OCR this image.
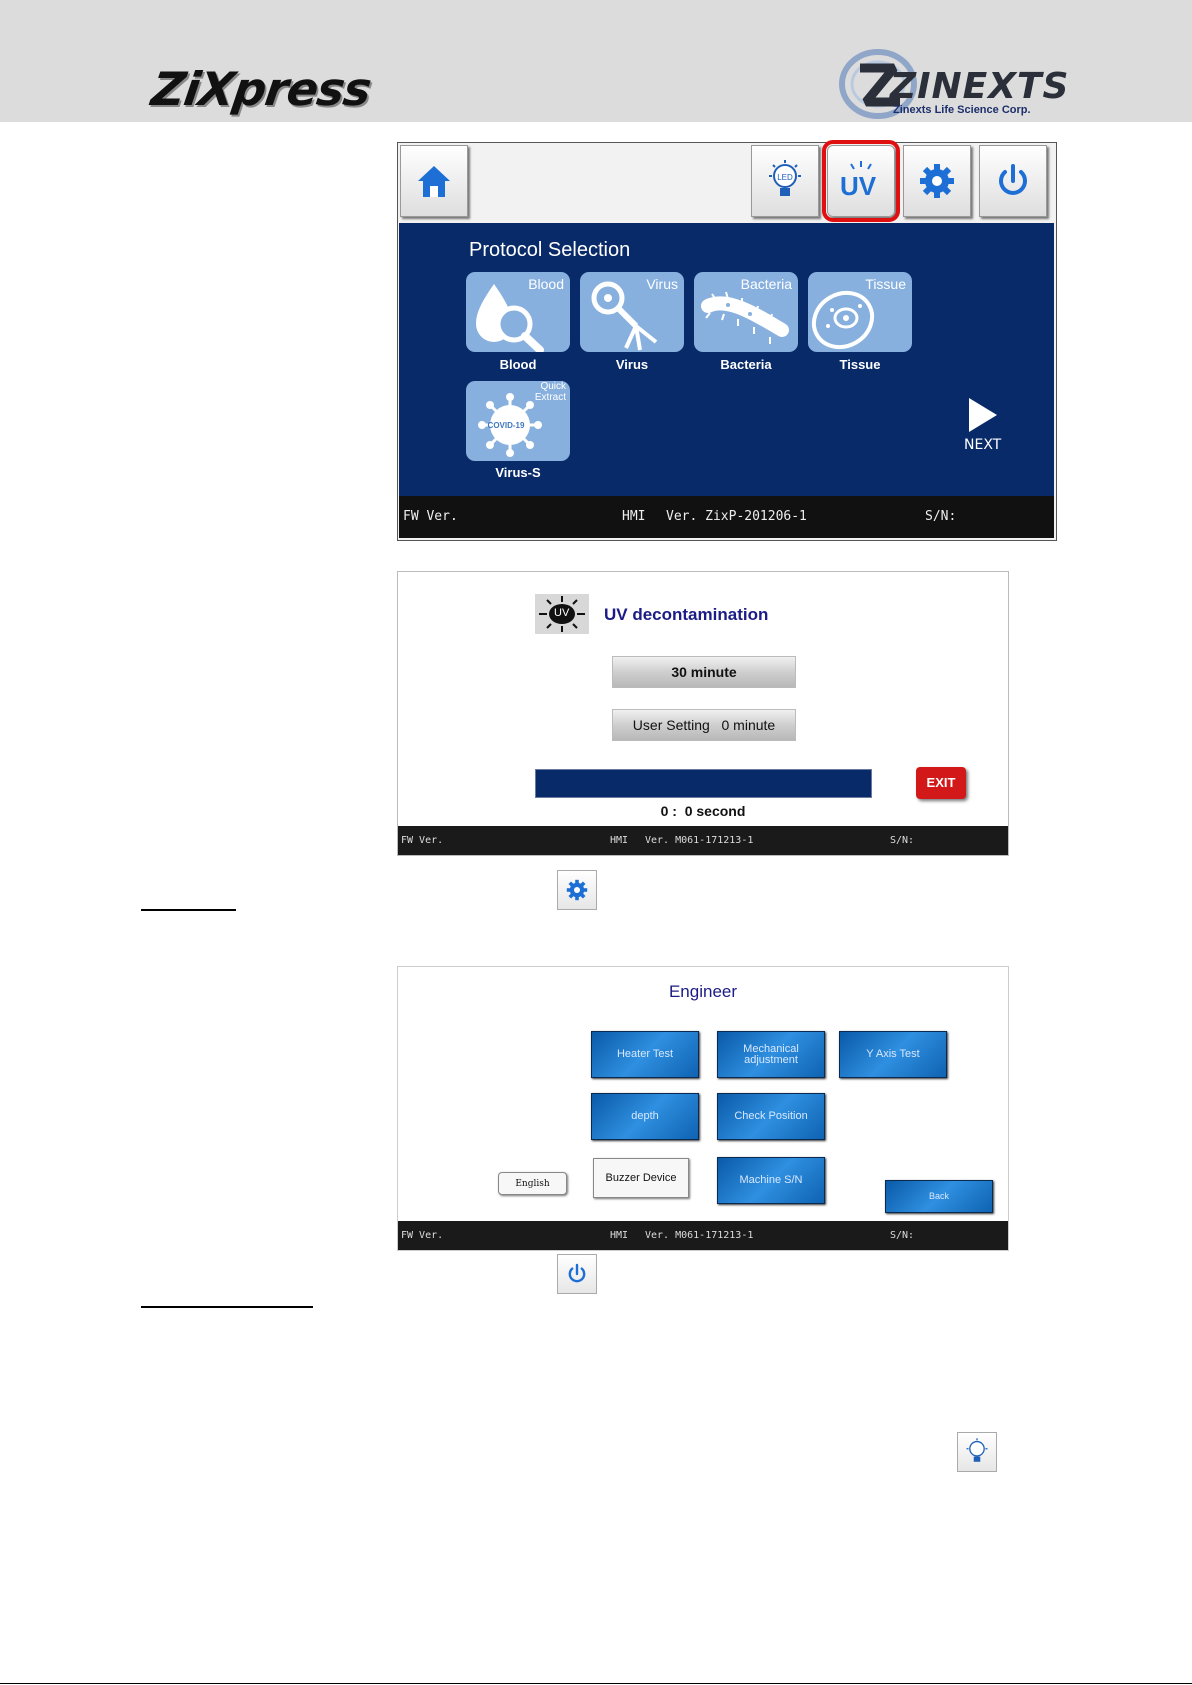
ZiXpress	ZINEXTS
Zinexts Life Science Corp.
LED UV
Protocol Selection
Blood
Blood
Virus
Virus
Bacteria
Bacteria
Tissue
Tissue
Quick
Extract
COVID-19
Virus-S
NEXT
FW Ver.	HMI Ver. ZixP-201206-1	S/N:
UV UV decontamination
30 minute
User Setting   0 minute
EXIT
0 :  0 second
FW Ver.	HMI Ver. M061-171213-1	S/N:
Engineer
Heater Test	Mechanical adjustment	Y Axis Test
depth	Check Position
English	Buzzer Device	Machine S/N
Back
FW Ver.	HMI Ver. M061-171213-1	S/N:
